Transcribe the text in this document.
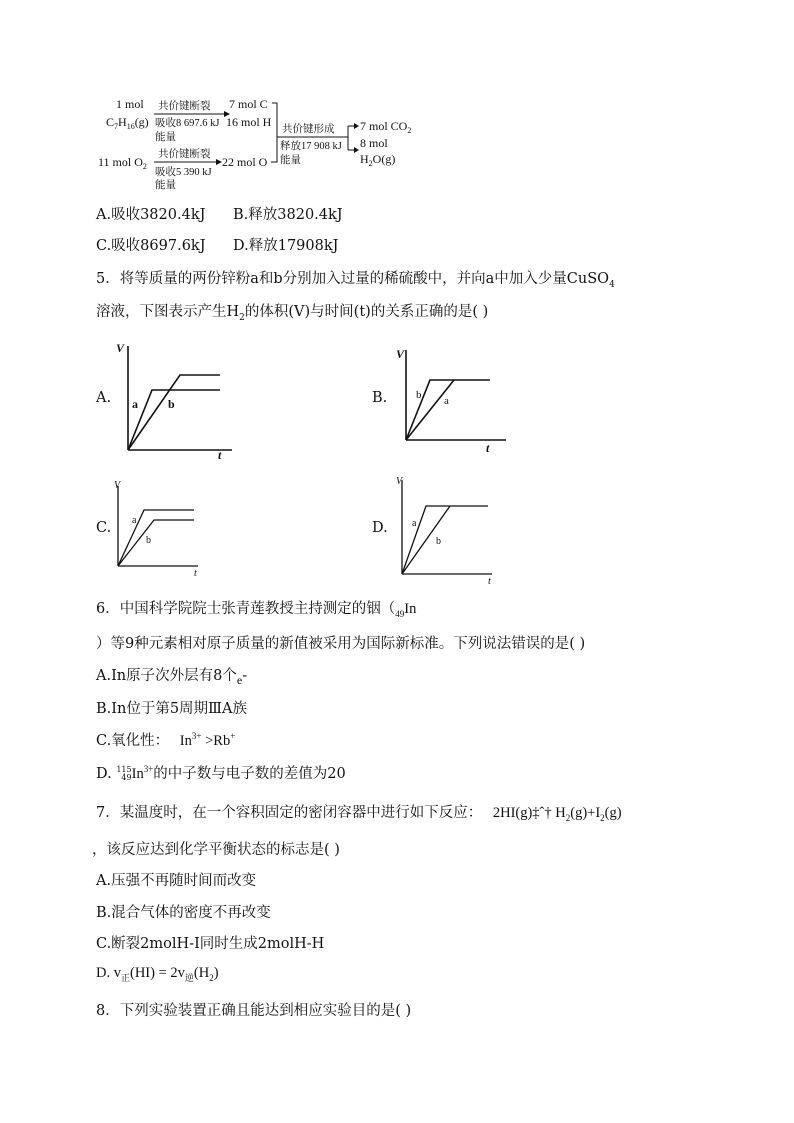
1 mol
$C_7H_{16}(g)$
11 mol $O_2$
共价键断裂
吸收8 697.6 kJ
能量
共价键断裂
吸收5 390 kJ
能量
7 mol C
16 mol H
22 mol O
共价键形成
释放17 908 kJ
能量
7 mol $CO_2$
8 mol
$H_2O(g)$
A.吸收3820.4kJ B.释放3820.4kJ
C.吸收8697.6kJ D.释放17908kJ
5．将等质量的两份锌粉a和b分别加入过量的稀硫酸中，并向a中加入少量CuSO$_4$
溶液，下图表示产生$H_2$的体积(V)与时间(t)的关系正确的是( )
A.	B.
C.	D.
V
t
a	b
V
t
b a
V
t
a
b
V
t
a
b
6．中国科学院院士张青莲教授主持测定的铟（$_{49}In$
）等9种元素相对原子质量的新值被采用为国际新标准。下列说法错误的是( )
A.In原子次外层有8个$_e$-
B.In位于第5周期ⅢA族
C.氧化性： $In^{3+} >Rb^+$
D. 115
49 $In^{3+}$的中子数与电子数的差值为20
7．某温度时，在一个容积固定的密闭容器中进行如下反应： 2HI(g)‡ˆ† $H_2(g)+I_2(g)$
，该反应达到化学平衡状态的标志是( )
A.压强不再随时间而改变
B.混合气体的密度不再改变
C.断裂2molH-I同时生成2molH-H
D. $v_正(HI) = 2v_逆(H_2)$
8．下列实验装置正确且能达到相应实验目的是( )
